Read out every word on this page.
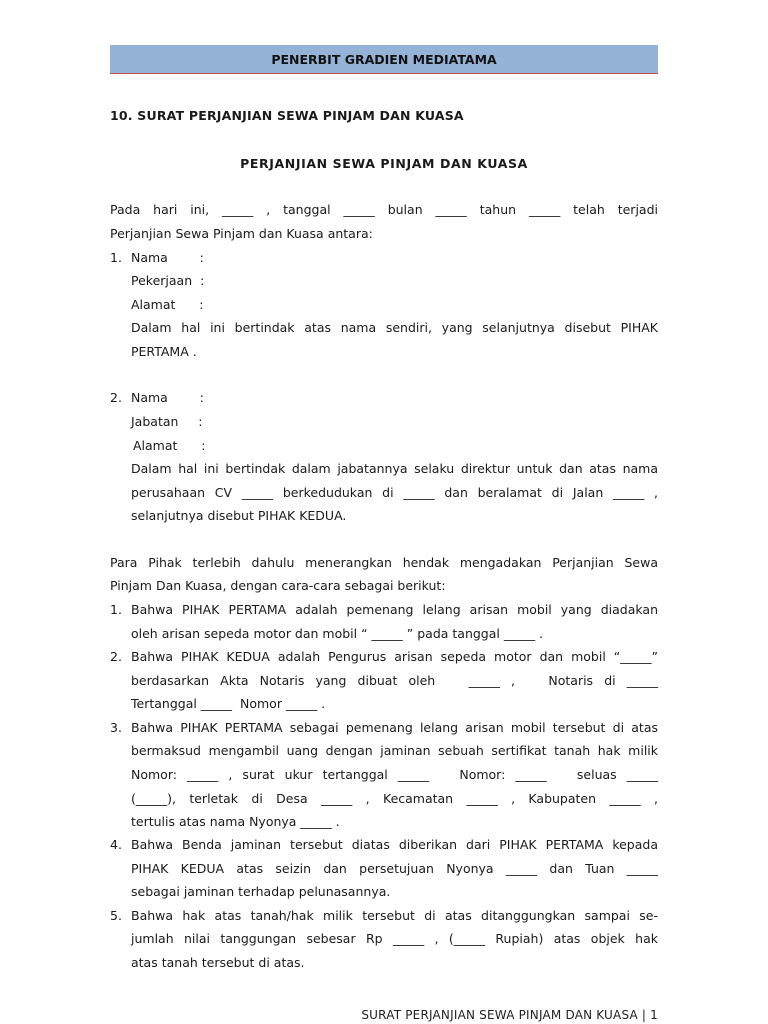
PENERBIT GRADIEN MEDIATAMA
10. SURAT PERJANJIAN SEWA PINJAM DAN KUASA
PERJANJIAN SEWA PINJAM DAN KUASA
Pada hari ini, _____ , tanggal _____ bulan _____ tahun _____ telah terjadi
Perjanjian Sewa Pinjam dan Kuasa antara:
1. Nama        :
Pekerjaan  :
Alamat      :
Dalam hal ini bertindak atas nama sendiri, yang selanjutnya disebut PIHAK
PERTAMA .
2. Nama        :
Jabatan     :
Alamat      :
Dalam hal ini bertindak dalam jabatannya selaku direktur untuk dan atas nama
perusahaan CV _____ berkedudukan di _____ dan beralamat di Jalan _____ ,
selanjutnya disebut PIHAK KEDUA.
Para Pihak terlebih dahulu menerangkan hendak mengadakan Perjanjian Sewa
Pinjam Dan Kuasa, dengan cara-cara sebagai berikut:
1. Bahwa PIHAK PERTAMA adalah pemenang lelang arisan mobil yang diadakan
oleh arisan sepeda motor dan mobil “ _____ ” pada tanggal _____ .
2. Bahwa PIHAK KEDUA adalah Pengurus arisan sepeda motor dan mobil “_____”
berdasarkan Akta Notaris yang dibuat oleh   _____ ,   Notaris di _____
Tertanggal _____  Nomor _____ .
3. Bahwa PIHAK PERTAMA sebagai pemenang lelang arisan mobil tersebut di atas
bermaksud mengambil uang dengan jaminan sebuah sertifikat tanah hak milik
Nomor: _____ , surat ukur tertanggal _____   Nomor: _____   seluas _____
(_____), terletak di Desa _____ , Kecamatan _____ , Kabupaten _____ ,
tertulis atas nama Nyonya _____ .
4. Bahwa Benda jaminan tersebut diatas diberikan dari PIHAK PERTAMA kepada
PIHAK KEDUA atas seizin dan persetujuan Nyonya _____ dan Tuan _____
sebagai jaminan terhadap pelunasannya.
5. Bahwa hak atas tanah/hak milik tersebut di atas ditanggungkan sampai se-
jumlah nilai tanggungan sebesar Rp _____ , (_____ Rupiah) atas objek hak
atas tanah tersebut di atas.
SURAT PERJANJIAN SEWA PINJAM DAN KUASA | 1
